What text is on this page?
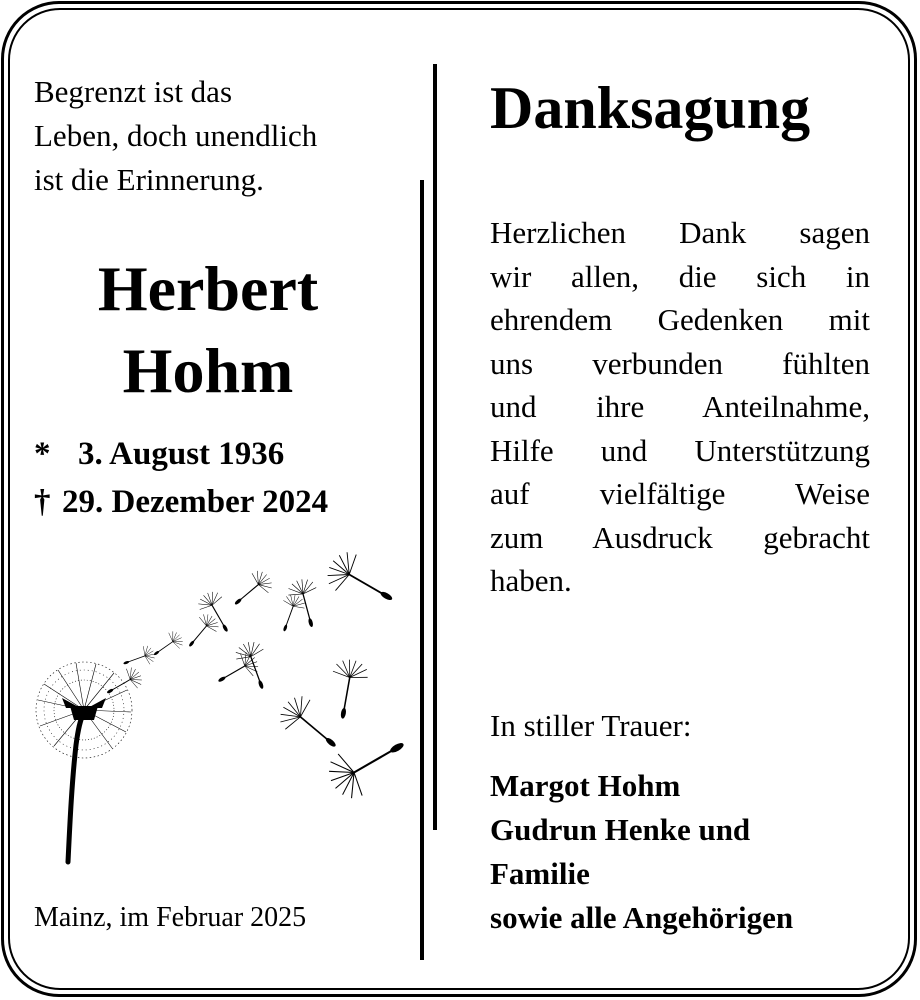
Begrenzt ist das
Leben, doch unendlich
ist die Erinnerung.
Herbert
Hohm
* 3. August 1936
† 29. Dezember 2024
Mainz, im Februar 2025
Danksagung
Herzlichen Dank sagen
wir allen, die sich in
ehrendem Gedenken mit
uns verbunden fühlten
und ihre Anteilnahme,
Hilfe und Unterstützung
auf vielfältige Weise
zum Ausdruck gebracht
haben.
In stiller Trauer:
Margot Hohm
Gudrun Henke und
Familie
sowie alle Angehörigen
